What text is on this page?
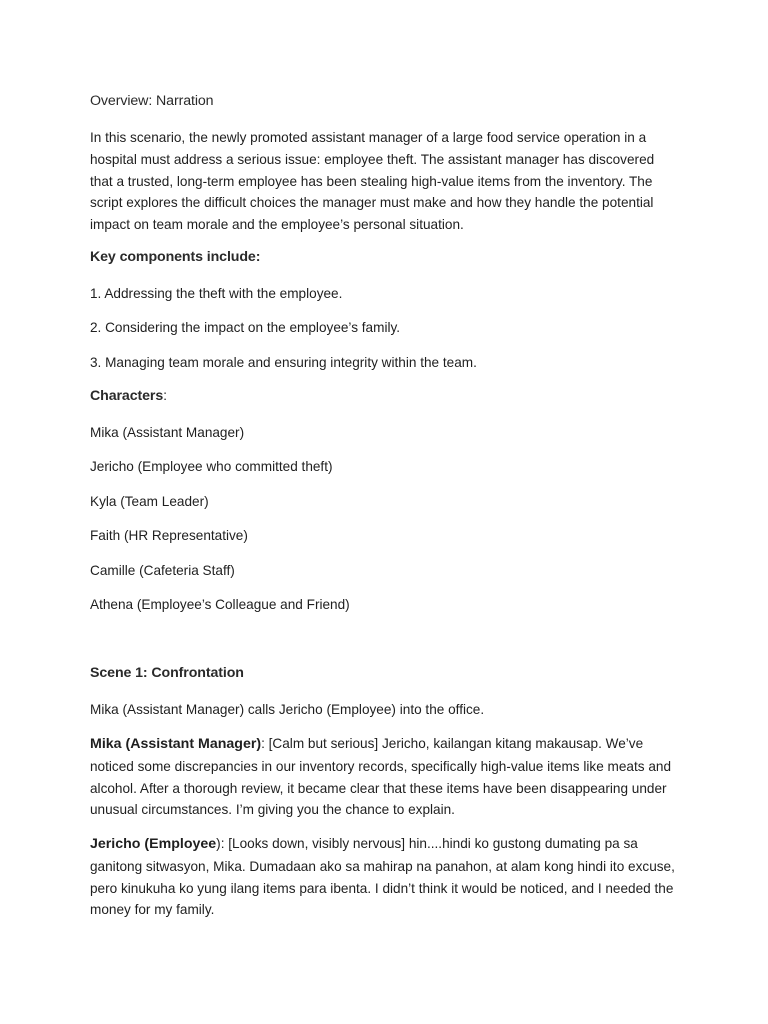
Overview: Narration

In this scenario, the newly promoted assistant manager of a large food service operation in a hospital must address a serious issue: employee theft. The assistant manager has discovered that a trusted, long-term employee has been stealing high-value items from the inventory. The script explores the difficult choices the manager must make and how they handle the potential impact on team morale and the employee’s personal situation.

Key components include:

1. Addressing the theft with the employee.

2. Considering the impact on the employee’s family.

3. Managing team morale and ensuring integrity within the team.

Characters:

Mika (Assistant Manager)

Jericho (Employee who committed theft)

Kyla (Team Leader)

Faith (HR Representative)

Camille (Cafeteria Staff)

Athena (Employee’s Colleague and Friend)

Scene 1: Confrontation

Mika (Assistant Manager) calls Jericho (Employee) into the office.

Mika (Assistant Manager): [Calm but serious] Jericho, kailangan kitang makausap. We’ve noticed some discrepancies in our inventory records, specifically high-value items like meats and alcohol. After a thorough review, it became clear that these items have been disappearing under unusual circumstances. I’m giving you the chance to explain.

Jericho (Employee): [Looks down, visibly nervous] hin....hindi ko gustong dumating pa sa ganitong sitwasyon, Mika. Dumadaan ako sa mahirap na panahon, at alam kong hindi ito excuse, pero kinukuha ko yung ilang items para ibenta. I didn’t think it would be noticed, and I needed the money for my family.
